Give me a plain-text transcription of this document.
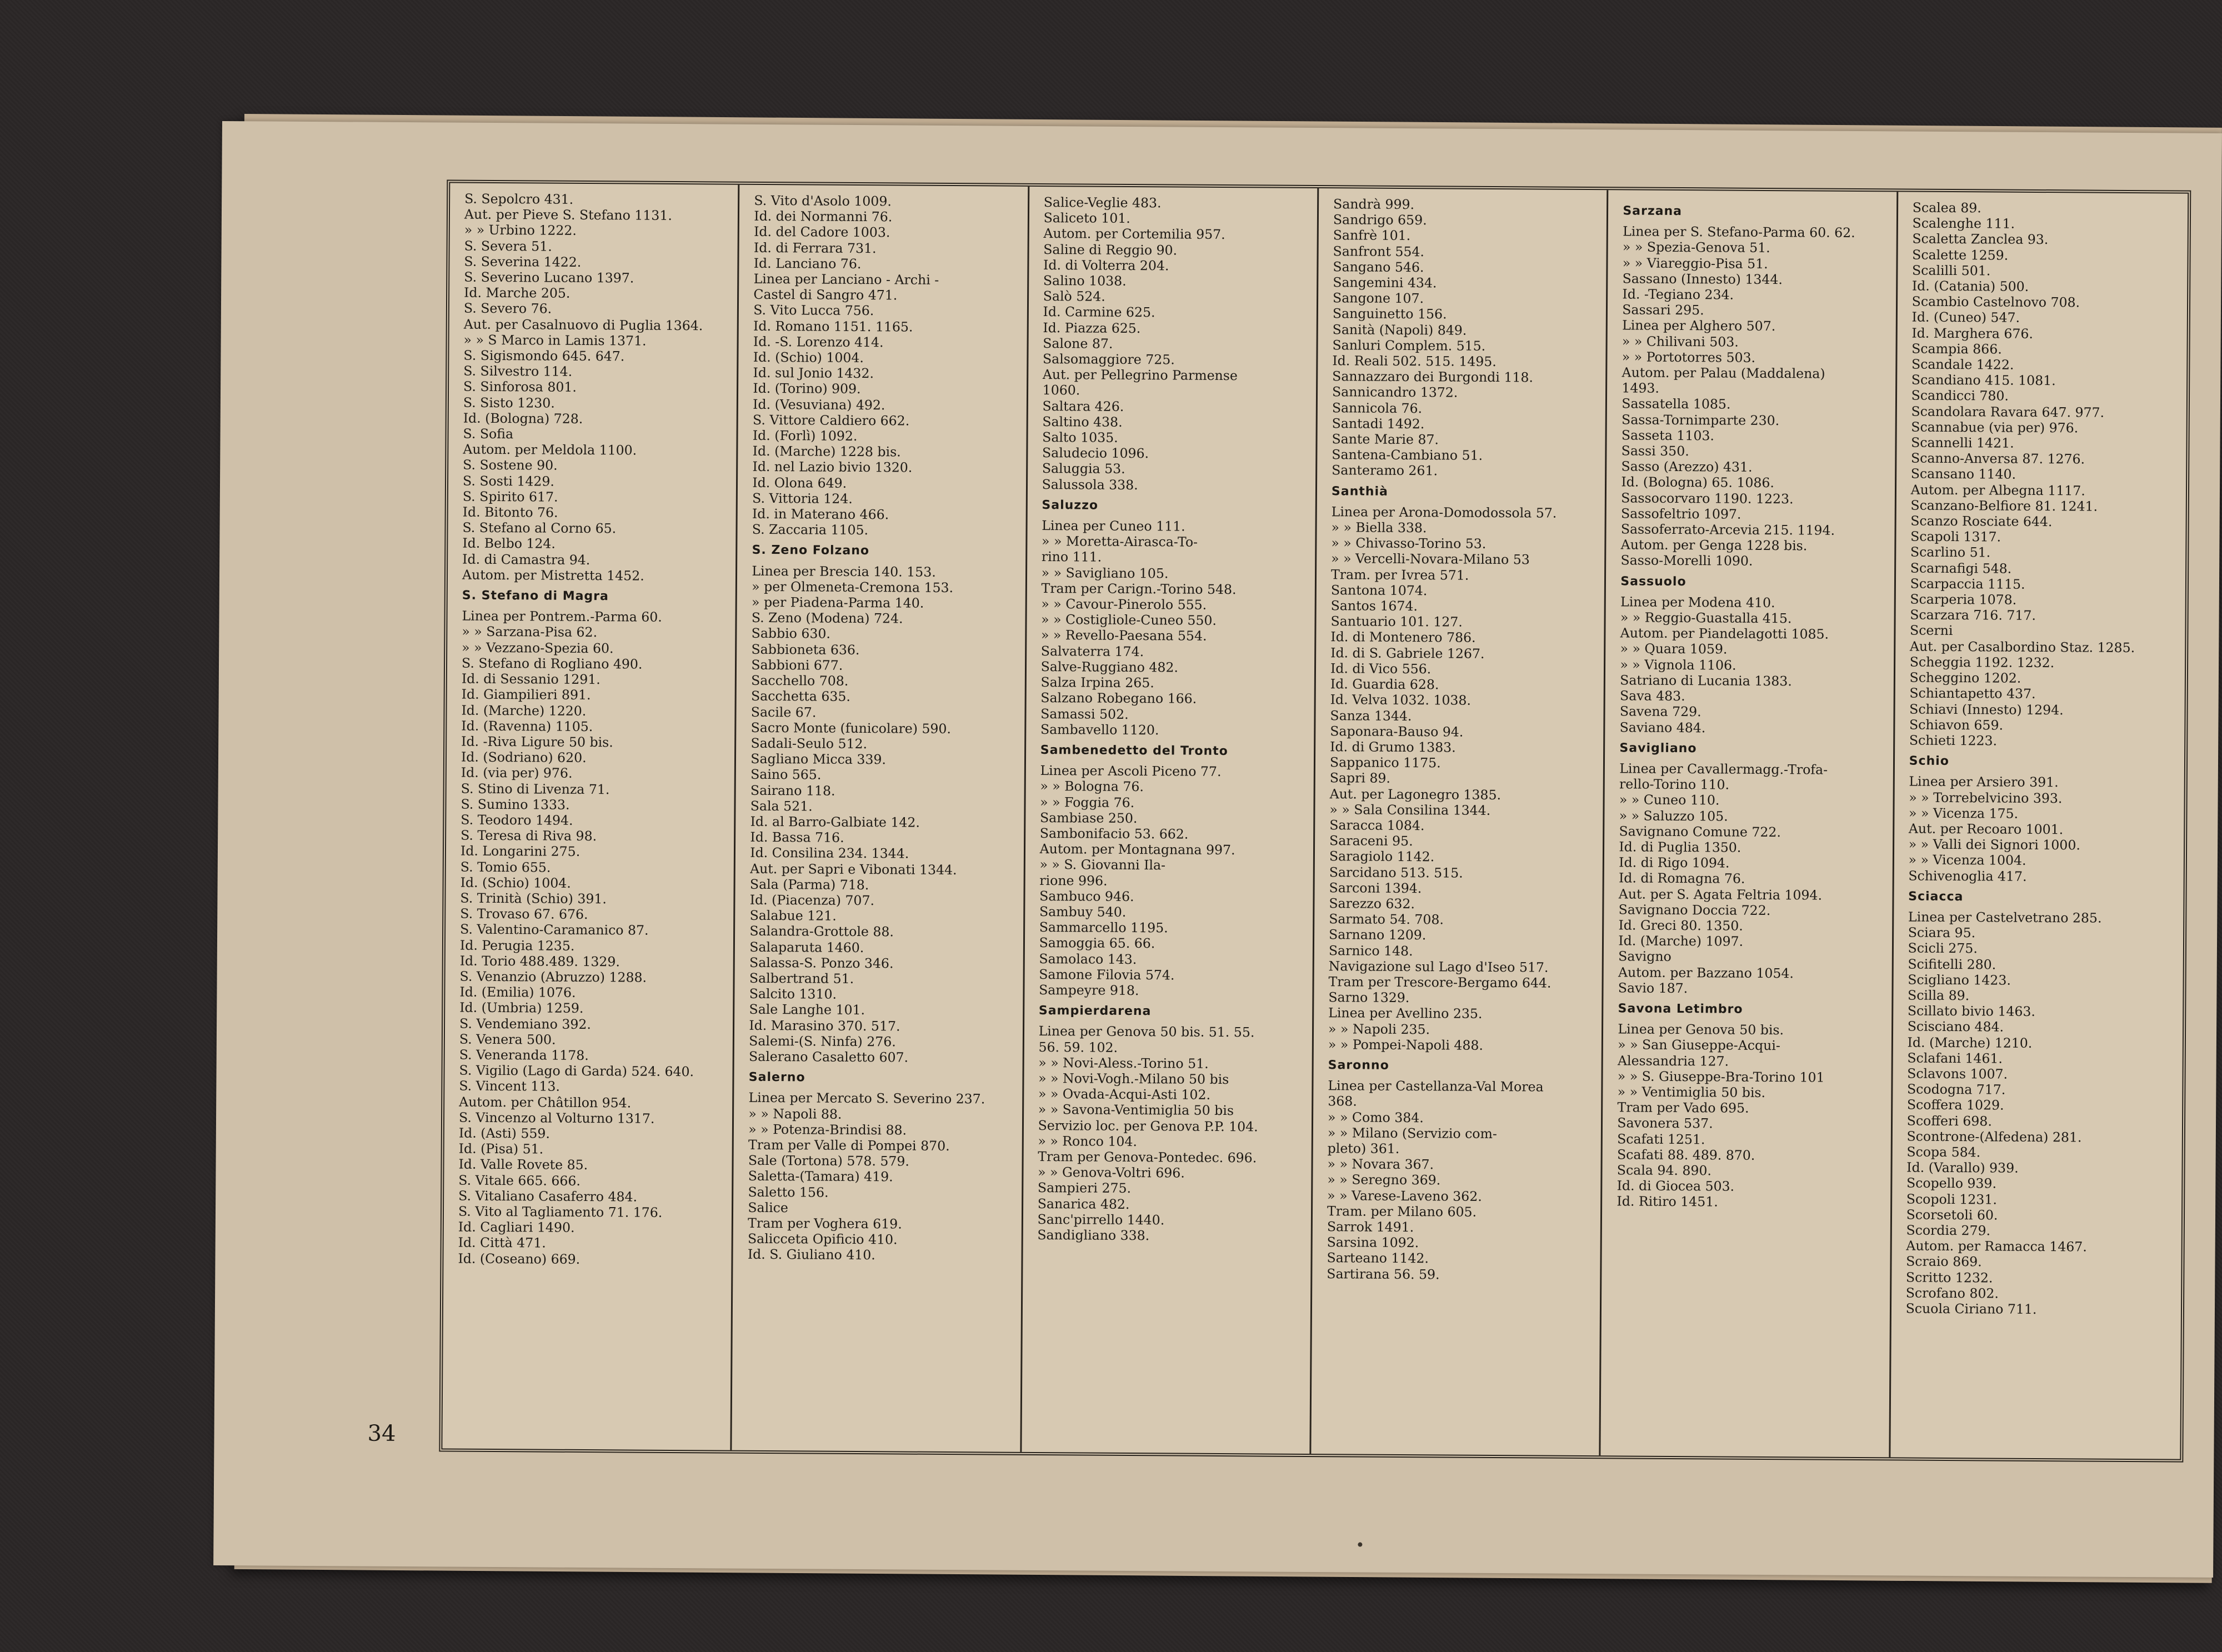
S. Sepolcro 431.
Aut. per Pieve S. Stefano 1131.
» » Urbino 1222.
S. Severa 51.
S. Severina 1422.
S. Severino Lucano 1397.
Id. Marche 205.
S. Severo 76.
Aut. per Casalnuovo di Puglia 1364.
» » S Marco in Lamis 1371.
S. Sigismondo 645. 647.
S. Silvestro 114.
S. Sinforosa 801.
S. Sisto 1230.
Id. (Bologna) 728.
S. Sofia
Autom. per Meldola 1100.
S. Sostene 90.
S. Sosti 1429.
S. Spirito 617.
Id. Bitonto 76.
S. Stefano al Corno 65.
Id. Belbo 124.
Id. di Camastra 94.
Autom. per Mistretta 1452.
S. Stefano di Magra
Linea per Pontrem.-Parma 60.
» » Sarzana-Pisa 62.
» » Vezzano-Spezia 60.
S. Stefano di Rogliano 490.
Id. di Sessanio 1291.
Id. Giampilieri 891.
Id. (Marche) 1220.
Id. (Ravenna) 1105.
Id. -Riva Ligure 50 bis.
Id. (Sodriano) 620.
Id. (via per) 976.
S. Stino di Livenza 71.
S. Sumino 1333.
S. Teodoro 1494.
S. Teresa di Riva 98.
Id. Longarini 275.
S. Tomio 655.
Id. (Schio) 1004.
S. Trinità (Schio) 391.
S. Trovaso 67. 676.
S. Valentino-Caramanico 87.
Id. Perugia 1235.
Id. Torio 488.489. 1329.
S. Venanzio (Abruzzo) 1288.
Id. (Emilia) 1076.
Id. (Umbria) 1259.
S. Vendemiano 392.
S. Venera 500.
S. Veneranda 1178.
S. Vigilio (Lago di Garda) 524. 640.
S. Vincent 113.
Autom. per Châtillon 954.
S. Vincenzo al Volturno 1317.
Id. (Asti) 559.
Id. (Pisa) 51.
Id. Valle Rovete 85.
S. Vitale 665. 666.
S. Vitaliano Casaferro 484.
S. Vito al Tagliamento 71. 176.
Id. Cagliari 1490.
Id. Città 471.
Id. (Coseano) 669.
S. Vito d'Asolo 1009.
Id. dei Normanni 76.
Id. del Cadore 1003.
Id. di Ferrara 731.
Id. Lanciano 76.
Linea per Lanciano - Archi -
Castel di Sangro 471.
S. Vito Lucca 756.
Id. Romano 1151. 1165.
Id. -S. Lorenzo 414.
Id. (Schio) 1004.
Id. sul Jonio 1432.
Id. (Torino) 909.
Id. (Vesuviana) 492.
S. Vittore Caldiero 662.
Id. (Forlì) 1092.
Id. (Marche) 1228 bis.
Id. nel Lazio bivio 1320.
Id. Olona 649.
S. Vittoria 124.
Id. in Materano 466.
S. Zaccaria 1105.
S. Zeno Folzano
Linea per Brescia 140. 153.
» per Olmeneta-Cremona 153.
» per Piadena-Parma 140.
S. Zeno (Modena) 724.
Sabbio 630.
Sabbioneta 636.
Sabbioni 677.
Sacchello 708.
Sacchetta 635.
Sacile 67.
Sacro Monte (funicolare) 590.
Sadali-Seulo 512.
Sagliano Micca 339.
Saino 565.
Sairano 118.
Sala 521.
Id. al Barro-Galbiate 142.
Id. Bassa 716.
Id. Consilina 234. 1344.
Aut. per Sapri e Vibonati 1344.
Sala (Parma) 718.
Id. (Piacenza) 707.
Salabue 121.
Salandra-Grottole 88.
Salaparuta 1460.
Salassa-S. Ponzo 346.
Salbertrand 51.
Salcito 1310.
Sale Langhe 101.
Id. Marasino 370. 517.
Salemi-(S. Ninfa) 276.
Salerano Casaletto 607.
Salerno
Linea per Mercato S. Severino 237.
» » Napoli 88.
» » Potenza-Brindisi 88.
Tram per Valle di Pompei 870.
Sale (Tortona) 578. 579.
Saletta-(Tamara) 419.
Saletto 156.
Salice
Tram per Voghera 619.
Salicceta Opificio 410.
Id. S. Giuliano 410.
Salice-Veglie 483.
Saliceto 101.
Autom. per Cortemilia 957.
Saline di Reggio 90.
Id. di Volterra 204.
Salino 1038.
Salò 524.
Id. Carmine 625.
Id. Piazza 625.
Salone 87.
Salsomaggiore 725.
Aut. per Pellegrino Parmense
1060.
Saltara 426.
Saltino 438.
Salto 1035.
Saludecio 1096.
Saluggia 53.
Salussola 338.
Saluzzo
Linea per Cuneo 111.
» » Moretta-Airasca-To-
rino 111.
» » Savigliano 105.
Tram per Carign.-Torino 548.
» » Cavour-Pinerolo 555.
» » Costigliole-Cuneo 550.
» » Revello-Paesana 554.
Salvaterra 174.
Salve-Ruggiano 482.
Salza Irpina 265.
Salzano Robegano 166.
Samassi 502.
Sambavello 1120.
Sambenedetto del Tronto
Linea per Ascoli Piceno 77.
» » Bologna 76.
» » Foggia 76.
Sambiase 250.
Sambonifacio 53. 662.
Autom. per Montagnana 997.
» » S. Giovanni Ila-
rione 996.
Sambuco 946.
Sambuy 540.
Sammarcello 1195.
Samoggia 65. 66.
Samolaco 143.
Samone Filovia 574.
Sampeyre 918.
Sampierdarena
Linea per Genova 50 bis. 51. 55.
56. 59. 102.
» » Novi-Aless.-Torino 51.
» » Novi-Vogh.-Milano 50 bis
» » Ovada-Acqui-Asti 102.
» » Savona-Ventimiglia 50 bis
Servizio loc. per Genova P.P. 104.
» » Ronco 104.
Tram per Genova-Pontedec. 696.
» » Genova-Voltri 696.
Sampieri 275.
Sanarica 482.
Sanc'pirrello 1440.
Sandigliano 338.
Sandrà 999.
Sandrigo 659.
Sanfrè 101.
Sanfront 554.
Sangano 546.
Sangemini 434.
Sangone 107.
Sanguinetto 156.
Sanità (Napoli) 849.
Sanluri Complem. 515.
Id. Reali 502. 515. 1495.
Sannazzaro dei Burgondi 118.
Sannicandro 1372.
Sannicola 76.
Santadi 1492.
Sante Marie 87.
Santena-Cambiano 51.
Santeramo 261.
Santhià
Linea per Arona-Domodossola 57.
» » Biella 338.
» » Chivasso-Torino 53.
» » Vercelli-Novara-Milano 53
Tram. per Ivrea 571.
Santona 1074.
Santos 1674.
Santuario 101. 127.
Id. di Montenero 786.
Id. di S. Gabriele 1267.
Id. di Vico 556.
Id. Guardia 628.
Id. Velva 1032. 1038.
Sanza 1344.
Saponara-Bauso 94.
Id. di Grumo 1383.
Sappanico 1175.
Sapri 89.
Aut. per Lagonegro 1385.
» » Sala Consilina 1344.
Saracca 1084.
Saraceni 95.
Saragiolo 1142.
Sarcidano 513. 515.
Sarconi 1394.
Sarezzo 632.
Sarmato 54. 708.
Sarnano 1209.
Sarnico 148.
Navigazione sul Lago d'Iseo 517.
Tram per Trescore-Bergamo 644.
Sarno 1329.
Linea per Avellino 235.
» » Napoli 235.
» » Pompei-Napoli 488.
Saronno
Linea per Castellanza-Val Morea
368.
» » Como 384.
» » Milano (Servizio com-
pleto) 361.
» » Novara 367.
» » Seregno 369.
» » Varese-Laveno 362.
Tram. per Milano 605.
Sarrok 1491.
Sarsina 1092.
Sarteano 1142.
Sartirana 56. 59.
Sarzana
Linea per S. Stefano-Parma 60. 62.
» » Spezia-Genova 51.
» » Viareggio-Pisa 51.
Sassano (Innesto) 1344.
Id. -Tegiano 234.
Sassari 295.
Linea per Alghero 507.
» » Chilivani 503.
» » Portotorres 503.
Autom. per Palau (Maddalena)
1493.
Sassatella 1085.
Sassa-Tornimparte 230.
Sasseta 1103.
Sassi 350.
Sasso (Arezzo) 431.
Id. (Bologna) 65. 1086.
Sassocorvaro 1190. 1223.
Sassofeltrio 1097.
Sassoferrato-Arcevia 215. 1194.
Autom. per Genga 1228 bis.
Sasso-Morelli 1090.
Sassuolo
Linea per Modena 410.
» » Reggio-Guastalla 415.
Autom. per Piandelagotti 1085.
» » Quara 1059.
» » Vignola 1106.
Satriano di Lucania 1383.
Sava 483.
Savena 729.
Saviano 484.
Savigliano
Linea per Cavallermagg.-Trofa-
rello-Torino 110.
» » Cuneo 110.
» » Saluzzo 105.
Savignano Comune 722.
Id. di Puglia 1350.
Id. di Rigo 1094.
Id. di Romagna 76.
Aut. per S. Agata Feltria 1094.
Savignano Doccia 722.
Id. Greci 80. 1350.
Id. (Marche) 1097.
Savigno
Autom. per Bazzano 1054.
Savio 187.
Savona Letimbro
Linea per Genova 50 bis.
» » San Giuseppe-Acqui-
Alessandria 127.
» » S. Giuseppe-Bra-Torino 101
» » Ventimiglia 50 bis.
Tram per Vado 695.
Savonera 537.
Scafati 1251.
Scafati 88. 489. 870.
Scala 94. 890.
Id. di Giocea 503.
Id. Ritiro 1451.
Scalea 89.
Scalenghe 111.
Scaletta Zanclea 93.
Scalette 1259.
Scalilli 501.
Id. (Catania) 500.
Scambio Castelnovo 708.
Id. (Cuneo) 547.
Id. Marghera 676.
Scampia 866.
Scandale 1422.
Scandiano 415. 1081.
Scandicci 780.
Scandolara Ravara 647. 977.
Scannabue (via per) 976.
Scannelli 1421.
Scanno-Anversa 87. 1276.
Scansano 1140.
Autom. per Albegna 1117.
Scanzano-Belfiore 81. 1241.
Scanzo Rosciate 644.
Scapoli 1317.
Scarlino 51.
Scarnafigi 548.
Scarpaccia 1115.
Scarperia 1078.
Scarzara 716. 717.
Scerni
Aut. per Casalbordino Staz. 1285.
Scheggia 1192. 1232.
Scheggino 1202.
Schiantapetto 437.
Schiavi (Innesto) 1294.
Schiavon 659.
Schieti 1223.
Schio
Linea per Arsiero 391.
» » Torrebelvicino 393.
» » Vicenza 175.
Aut. per Recoaro 1001.
» » Valli dei Signori 1000.
» » Vicenza 1004.
Schivenoglia 417.
Sciacca
Linea per Castelvetrano 285.
Sciara 95.
Scicli 275.
Scifitelli 280.
Scigliano 1423.
Scilla 89.
Scillato bivio 1463.
Scisciano 484.
Id. (Marche) 1210.
Sclafani 1461.
Sclavons 1007.
Scodogna 717.
Scoffera 1029.
Scofferi 698.
Scontrone-(Alfedena) 281.
Scopa 584.
Id. (Varallo) 939.
Scopello 939.
Scopoli 1231.
Scorsetoli 60.
Scordia 279.
Autom. per Ramacca 1467.
Scraio 869.
Scritto 1232.
Scrofano 802.
Scuola Ciriano 711.
34
